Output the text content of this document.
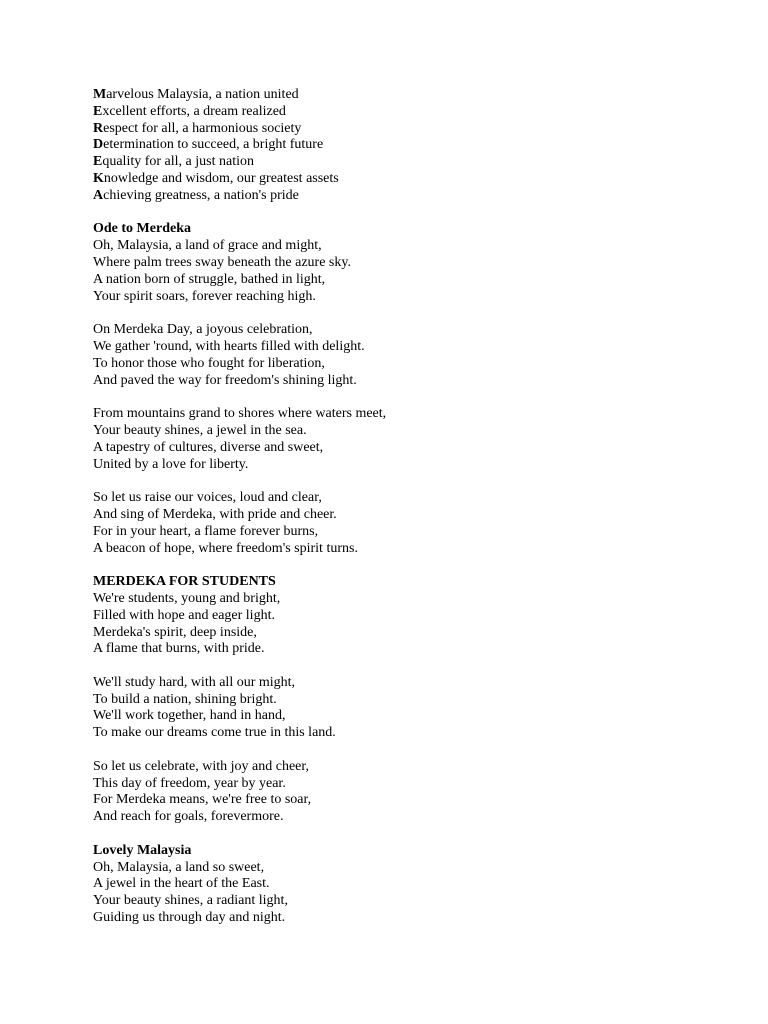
Marvelous Malaysia, a nation united
Excellent efforts, a dream realized
Respect for all, a harmonious society
Determination to succeed, a bright future
Equality for all, a just nation
Knowledge and wisdom, our greatest assets
Achieving greatness, a nation's pride
Ode to Merdeka
Oh, Malaysia, a land of grace and might,
Where palm trees sway beneath the azure sky.
A nation born of struggle, bathed in light,
Your spirit soars, forever reaching high.
On Merdeka Day, a joyous celebration,
We gather 'round, with hearts filled with delight.
To honor those who fought for liberation,
And paved the way for freedom's shining light.
From mountains grand to shores where waters meet,
Your beauty shines, a jewel in the sea.
A tapestry of cultures, diverse and sweet,
United by a love for liberty.
So let us raise our voices, loud and clear,
And sing of Merdeka, with pride and cheer.
For in your heart, a flame forever burns,
A beacon of hope, where freedom's spirit turns.
MERDEKA FOR STUDENTS
We're students, young and bright,
Filled with hope and eager light.
Merdeka's spirit, deep inside,
A flame that burns, with pride.
We'll study hard, with all our might,
To build a nation, shining bright.
We'll work together, hand in hand,
To make our dreams come true in this land.
So let us celebrate, with joy and cheer,
This day of freedom, year by year.
For Merdeka means, we're free to soar,
And reach for goals, forevermore.
Lovely Malaysia
Oh, Malaysia, a land so sweet,
A jewel in the heart of the East.
Your beauty shines, a radiant light,
Guiding us through day and night.
